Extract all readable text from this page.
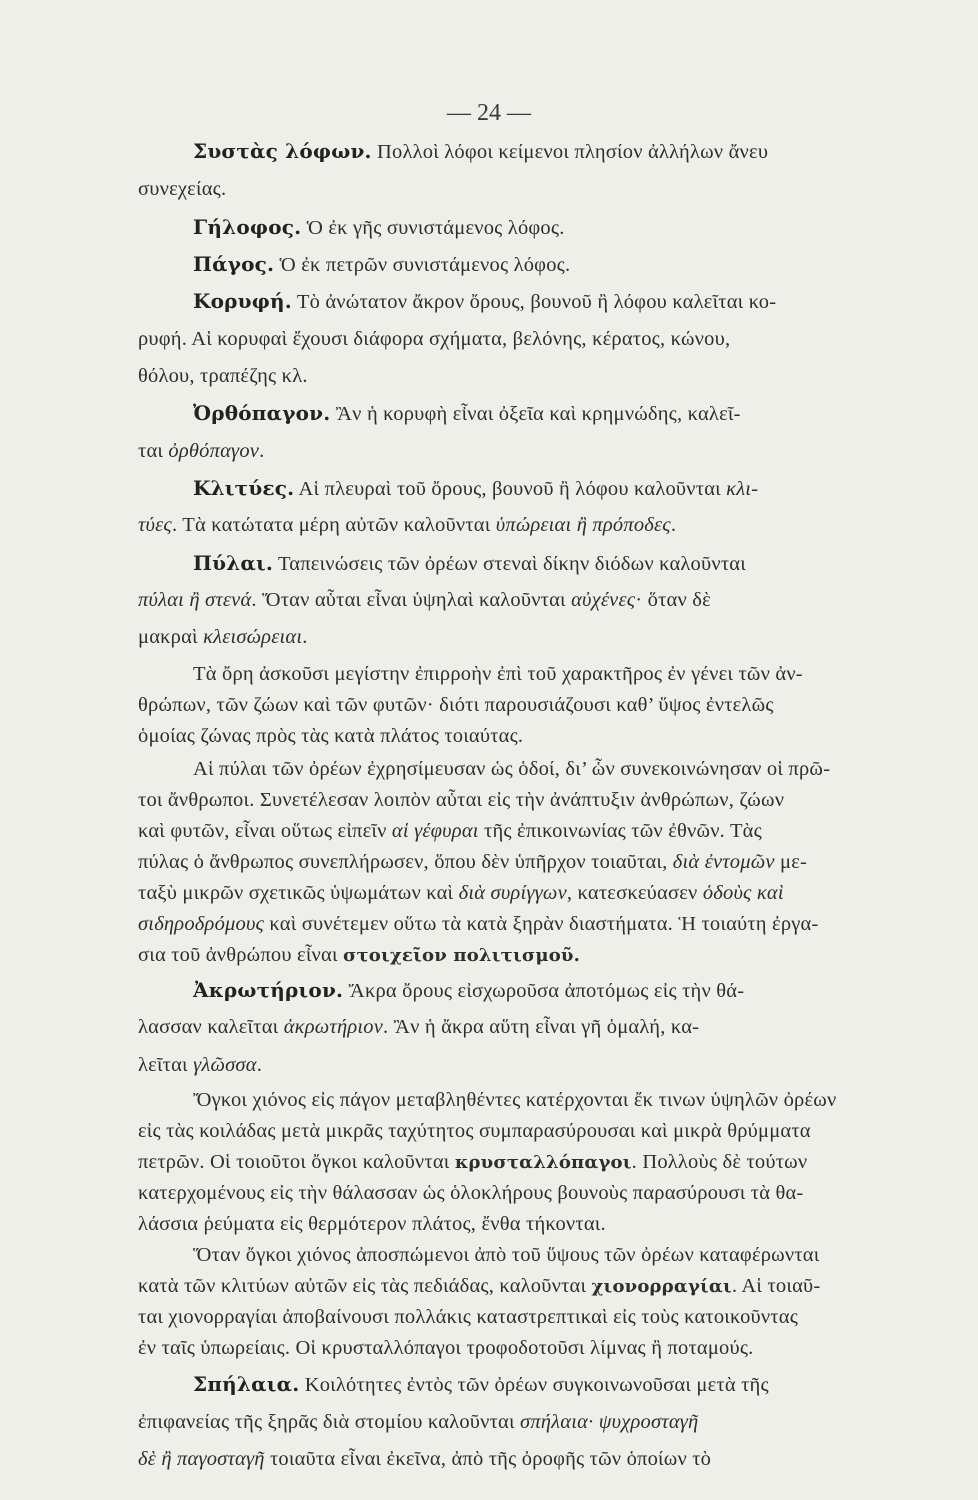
— 24 —
Συστὰς λόφων. Πολλοὶ λόφοι κείμενοι πλησίον ἀλλήλων ἄνευ
συνεχείας.
Γήλοφος. Ὁ ἐκ γῆς συνιστάμενος λόφος.
Πάγος. Ὁ ἐκ πετρῶν συνιστάμενος λόφος.
Κορυφή. Τὸ ἀνώτατον ἄκρον ὄρους, βουνοῦ ἢ λόφου καλεῖται κο-
ρυφή. Αἱ κορυφαὶ ἔχουσι διάφορα σχήματα, βελόνης, κέρατος, κώνου,
θόλου, τραπέζης κλ.
Ὀρθόπαγον. Ἂν ἡ κορυφὴ εἶναι ὀξεῖα καὶ κρημνώδης, καλεῖ-
ται ὀρθόπαγον.
Κλιτύες. Αἱ πλευραὶ τοῦ ὄρους, βουνοῦ ἢ λόφου καλοῦνται κλι-
τύες. Τὰ κατώτατα μέρη αὐτῶν καλοῦνται ὑπώρειαι ἢ πρόποδες.
Πύλαι. Ταπεινώσεις τῶν ὀρέων στεναὶ δίκην διόδων καλοῦνται
πύλαι ἢ στενά. Ὅταν αὗται εἶναι ὑψηλαὶ καλοῦνται αὐχένες· ὅταν δὲ
μακραὶ κλεισώρειαι.
Τὰ ὄρη ἀσκοῦσι μεγίστην ἐπιρροὴν ἐπὶ τοῦ χαρακτῆρος ἐν γένει τῶν ἀν-
θρώπων, τῶν ζώων καὶ τῶν φυτῶν· διότι παρουσιάζουσι καθ’ ὕψος ἐντελῶς
ὁμοίας ζώνας πρὸς τὰς κατὰ πλάτος τοιαύτας.
Αἱ πύλαι τῶν ὀρέων ἐχρησίμευσαν ὡς ὁδοί, δι’ ὧν συνεκοινώνησαν οἱ πρῶ-
τοι ἄνθρωποι. Συνετέλεσαν λοιπὸν αὗται εἰς τὴν ἀνάπτυξιν ἀνθρώπων, ζώων
καὶ φυτῶν, εἶναι οὕτως εἰπεῖν αἱ γέφυραι τῆς ἐπικοινωνίας τῶν ἐθνῶν. Τὰς
πύλας ὁ ἄνθρωπος συνεπλήρωσεν, ὅπου δὲν ὑπῆρχον τοιαῦται, διὰ ἐντομῶν με-
ταξὺ μικρῶν σχετικῶς ὑψωμάτων καὶ διὰ συρίγγων, κατεσκεύασεν ὁδοὺς καὶ
σιδηροδρόμους καὶ συνέτεμεν οὕτω τὰ κατὰ ξηρὰν διαστήματα. Ἡ τοιαύτη ἐργα-
σια τοῦ ἀνθρώπου εἶναι στοιχεῖον πολιτισμοῦ.
Ἀκρωτήριον. Ἄκρα ὄρους εἰσχωροῦσα ἀποτόμως εἰς τὴν θά-
λασσαν καλεῖται ἀκρωτήριον. Ἂν ἡ ἄκρα αὕτη εἶναι γῆ ὁμαλή, κα-
λεῖται γλῶσσα.
Ὄγκοι χιόνος εἰς πάγον μεταβληθέντες κατέρχονται ἔκ τινων ὑψηλῶν ὀρέων
εἰς τὰς κοιλάδας μετὰ μικρᾶς ταχύτητος συμπαρασύρουσαι καὶ μικρὰ θρύμματα
πετρῶν. Οἱ τοιοῦτοι ὄγκοι καλοῦνται κρυσταλλόπαγοι. Πολλοὺς δὲ τούτων
κατερχομένους εἰς τὴν θάλασσαν ὡς ὁλοκλήρους βουνοὺς παρασύρουσι τὰ θα-
λάσσια ῥεύματα εἰς θερμότερον πλάτος, ἔνθα τήκονται.
Ὅταν ὄγκοι χιόνος ἀποσπώμενοι ἀπὸ τοῦ ὕψους τῶν ὀρέων καταφέρωνται
κατὰ τῶν κλιτύων αὐτῶν εἰς τὰς πεδιάδας, καλοῦνται χιονορραγίαι. Αἱ τοιαῦ-
ται χιονορραγίαι ἀποβαίνουσι πολλάκις καταστρεπτικαὶ εἰς τοὺς κατοικοῦντας
ἐν ταῖς ὑπωρείαις. Οἱ κρυσταλλόπαγοι τροφοδοτοῦσι λίμνας ἢ ποταμούς.
Σπήλαια. Κοιλότητες ἐντὸς τῶν ὀρέων συγκοινωνοῦσαι μετὰ τῆς
ἐπιφανείας τῆς ξηρᾶς διὰ στομίου καλοῦνται σπήλαια· ψυχροσταγῆ
δὲ ἢ παγοσταγῆ τοιαῦτα εἶναι ἐκεῖνα, ἀπὸ τῆς ὀροφῆς τῶν ὁποίων τὸ
